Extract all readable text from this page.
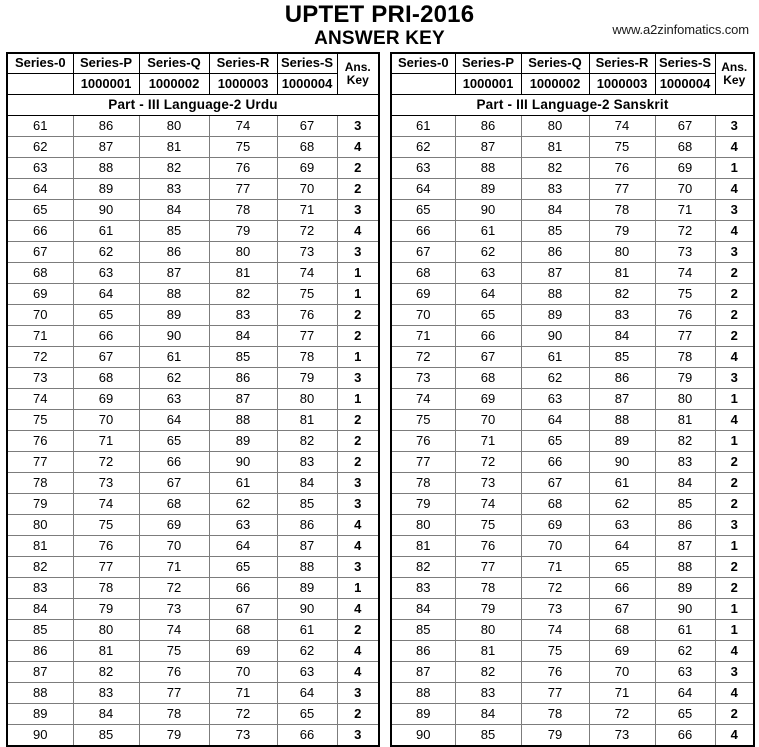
UPTET PRI-2016
ANSWER KEY	www.a2zinfomatics.com
Series-0	Series-P	Series-Q	Series-R	Series-S	Ans. Key
	1000001	1000002	1000003	1000004	
Part - III Language-2 Urdu					
61	86	80	74	67	3
62	87	81	75	68	4
63	88	82	76	69	2
64	89	83	77	70	2
65	90	84	78	71	3
66	61	85	79	72	4
67	62	86	80	73	3
68	63	87	81	74	1
69	64	88	82	75	1
70	65	89	83	76	2
71	66	90	84	77	2
72	67	61	85	78	1
73	68	62	86	79	3
74	69	63	87	80	1
75	70	64	88	81	2
76	71	65	89	82	2
77	72	66	90	83	2
78	73	67	61	84	3
79	74	68	62	85	3
80	75	69	63	86	4
81	76	70	64	87	4
82	77	71	65	88	3
83	78	72	66	89	1
84	79	73	67	90	4
85	80	74	68	61	2
86	81	75	69	62	4
87	82	76	70	63	4
88	83	77	71	64	3
89	84	78	72	65	2
90	85	79	73	66	3
Series-0	Series-P	Series-Q	Series-R	Series-S	Ans.
Key
	1000001	1000002	1000003	1000004	
Part - III Language-2 Sanskrit					
61	86	80	74	67	3
62	87	81	75	68	4
63	88	82	76	69	1
64	89	83	77	70	4
65	90	84	78	71	3
66	61	85	79	72	4
67	62	86	80	73	3
68	63	87	81	74	2
69	64	88	82	75	2
70	65	89	83	76	2
71	66	90	84	77	2
72	67	61	85	78	4
73	68	62	86	79	3
74	69	63	87	80	1
75	70	64	88	81	4
76	71	65	89	82	1
77	72	66	90	83	2
78	73	67	61	84	2
79	74	68	62	85	2
80	75	69	63	86	3
81	76	70	64	87	1
82	77	71	65	88	2
83	78	72	66	89	2
84	79	73	67	90	1
85	80	74	68	61	1
86	81	75	69	62	4
87	82	76	70	63	3
88	83	77	71	64	4
89	84	78	72	65	2
90	85	79	73	66	4
